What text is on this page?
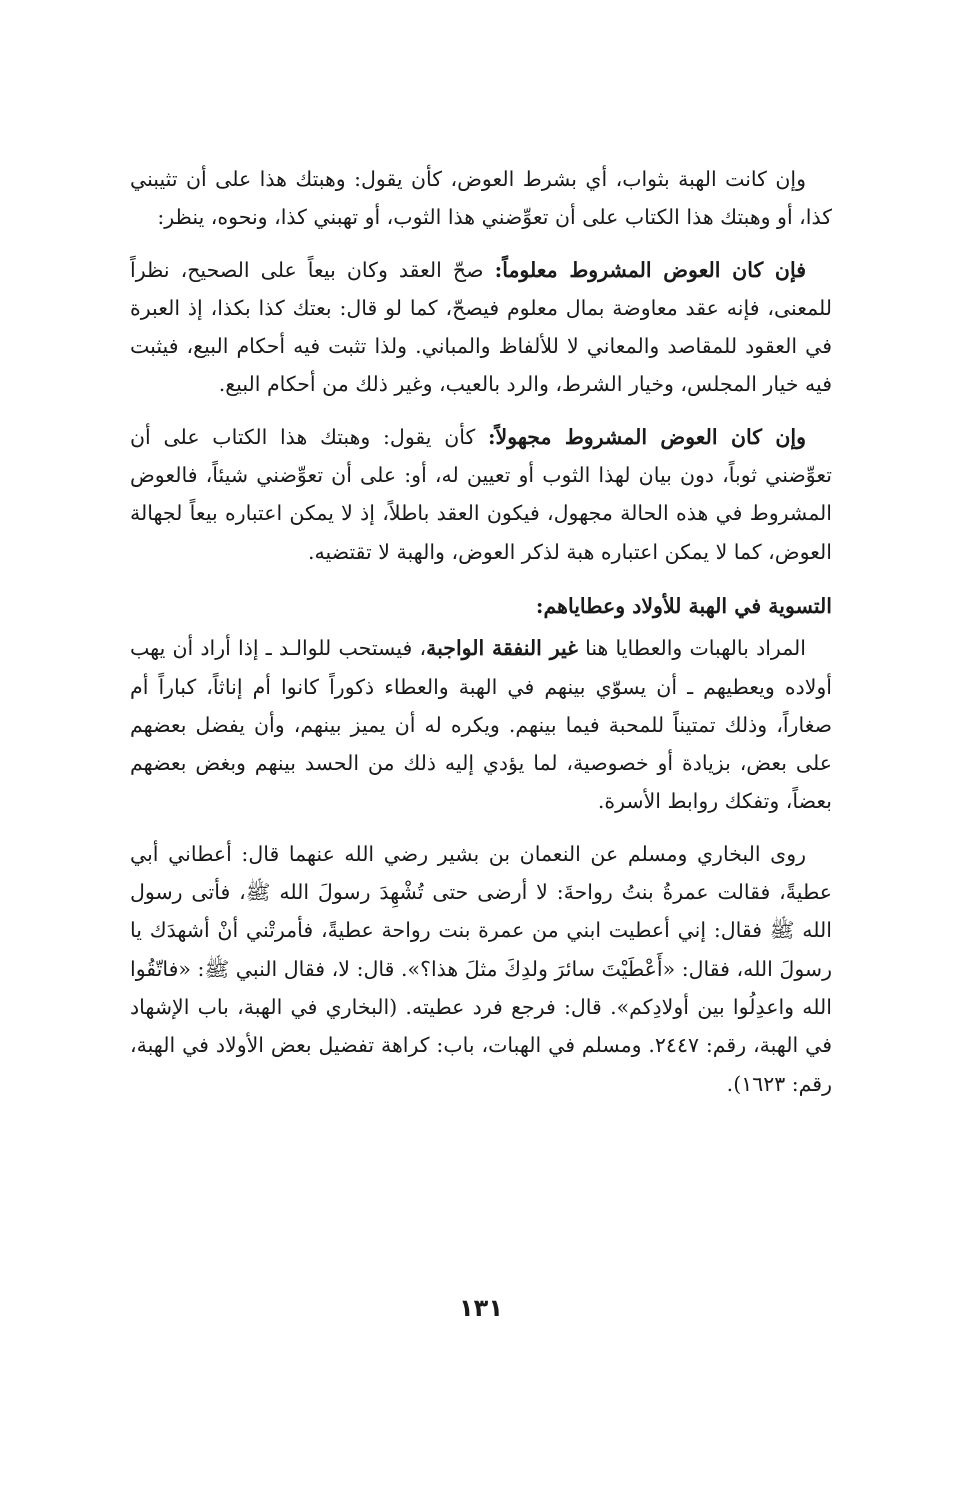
وإن كانت الهبة بثواب، أي بشرط العوض، كأن يقول: وهبتك هذا على أن تثيبني كذا، أو وهبتك هذا الكتاب على أن تعوِّضني هذا الثوب، أو تهبني كذا، ونحوه، ينظر:

فإن كان العوض المشروط معلوماً: صحّ العقد وكان بيعاً على الصحيح، نظراً للمعنى، فإنه عقد معاوضة بمال معلوم فيصحّ، كما لو قال: بعتك كذا بكذا، إذ العبرة في العقود للمقاصد والمعاني لا للألفاظ والمباني. ولذا تثبت فيه أحكام البيع، فيثبت فيه خيار المجلس، وخيار الشرط، والرد بالعيب، وغير ذلك من أحكام البيع.

وإن كان العوض المشروط مجهولاً: كأن يقول: وهبتك هذا الكتاب على أن تعوِّضني ثوباً، دون بيان لهذا الثوب أو تعيين له، أو: على أن تعوِّضني شيئاً، فالعوض المشروط في هذه الحالة مجهول، فيكون العقد باطلاً، إذ لا يمكن اعتباره بيعاً لجهالة العوض، كما لا يمكن اعتباره هبة لذكر العوض، والهبة لا تقتضيه.

التسوية في الهبة للأولاد وعطاياهم:

المراد بالهبات والعطايا هنا غير النفقة الواجبة، فيستحب للوالـد ـ إذا أراد أن يهب أولاده ويعطيهم ـ أن يسوّي بينهم في الهبة والعطاء ذكوراً كانوا أم إناثاً، كباراً أم صغاراً، وذلك تمتيناً للمحبة فيما بينهم. ويكره له أن يميز بينهم، وأن يفضل بعضهم على بعض، بزيادة أو خصوصية، لما يؤدي إليه ذلك من الحسد بينهم وبغض بعضهم بعضاً، وتفكك روابط الأسرة.

روى البخاري ومسلم عن النعمان بن بشير رضي الله عنهما قال: أعطاني أبي عطيةً، فقالت عمرةُ بنتُ رواحةَ: لا أرضى حتى تُشْهِدَ رسولَ الله ﷺ، فأتى رسول الله ﷺ فقال: إني أعطيت ابني من عمرة بنت رواحة عطيةً، فأمرتْني أنْ أشهدَك يا رسولَ الله، فقال: «أَعْطَيْتَ سائرَ ولدِكَ مثلَ هذا؟». قال: لا، فقال النبي ﷺ: «فاتّقُوا الله واعدِلُوا بين أولادِكم». قال: فرجع فرد عطيته. (البخاري في الهبة، باب الإشهاد في الهبة، رقم: ٢٤٤٧. ومسلم في الهبات، باب: كراهة تفضيل بعض الأولاد في الهبة، رقم: ١٦٢٣).

١٣١
